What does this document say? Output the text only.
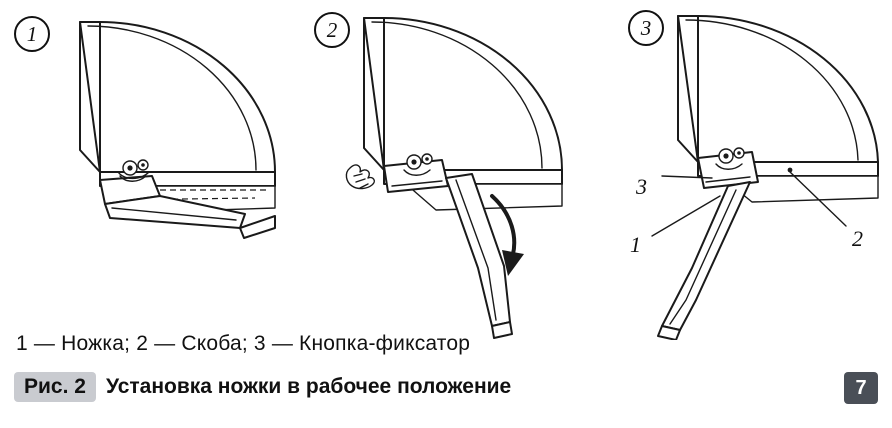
1	2	3
3
1	2
1 — Ножка; 2 — Скоба; 3 — Кнопка-фиксатор
Рис. 2 Установка ножки в рабочее положение	7
